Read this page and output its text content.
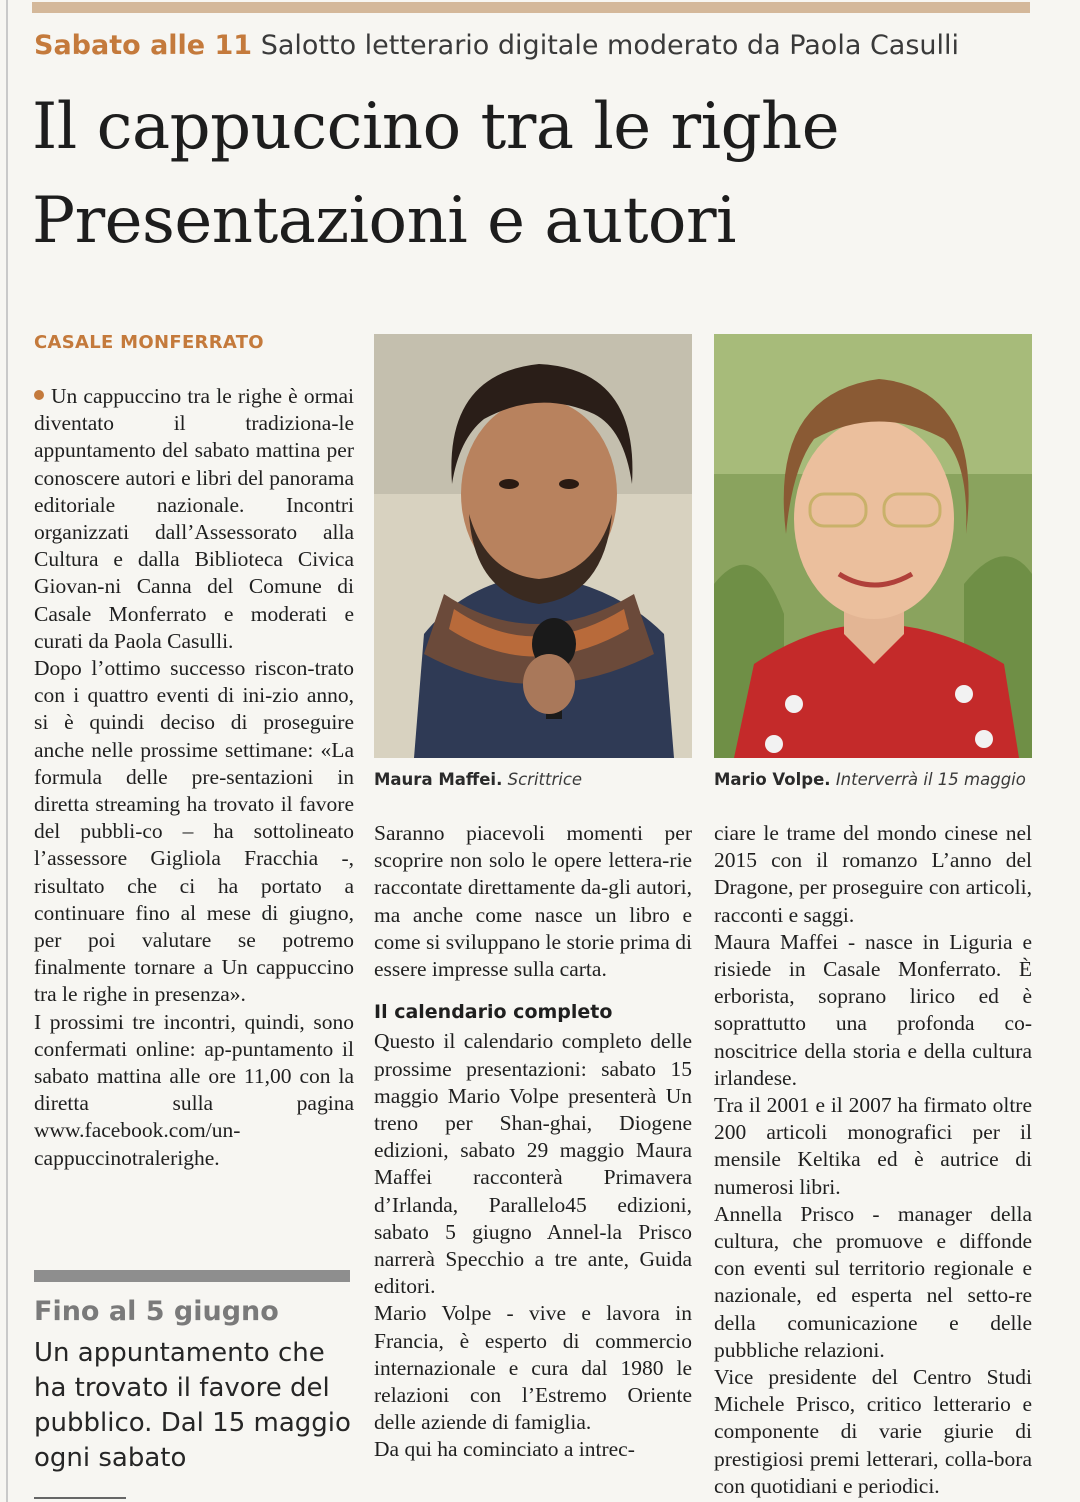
Sabato alle 11 Salotto letterario digitale moderato da Paola Casulli
Il cappuccino tra le righe
Presentazioni e autori
CASALE MONFERRATO

Un cappuccino tra le righe è ormai diventato il tradiziona-le appuntamento del sabato mattina per conoscere autori e libri del panorama editoriale nazionale. Incontri organizzati dall’Assessorato alla Cultura e dalla Biblioteca Civica Giovan-ni Canna del Comune di Casale Monferrato e moderati e curati da Paola Casulli.

Dopo l’ottimo successo riscon-trato con i quattro eventi di ini-zio anno, si è quindi deciso di proseguire anche nelle prossime settimane: «La formula delle pre-sentazioni in diretta streaming ha trovato il favore del pubbli-co – ha sottolineato l’assessore Gigliola Fracchia -, risultato che ci ha portato a continuare fino al mese di giugno, per poi valutare se potremo finalmente tornare a Un cappuccino tra le righe in presenza».

I prossimi tre incontri, quindi, sono confermati online: ap-puntamento il sabato mattina alle ore 11,00 con la diretta sulla pagina www.facebook.com/un-cappuccinotralerighe.

Maura Maffei. Scrittrice	Mario Volpe. Interverrà il 15 maggio

Saranno piacevoli momenti per scoprire non solo le opere lettera-rie raccontate direttamente da-gli autori, ma anche come nasce un libro e come si sviluppano le storie prima di essere impresse sulla carta.

Il calendario completo

Questo il calendario completo delle prossime presentazioni: sabato 15 maggio Mario Volpe presenterà Un treno per Shan-ghai, Diogene edizioni, sabato 29 maggio Maura Maffei racconterà Primavera d’Irlanda, Parallelo45 edizioni, sabato 5 giugno Annel-la Prisco narrerà Specchio a tre ante, Guida editori.

Mario Volpe - vive e lavora in Francia, è esperto di commercio internazionale e cura dal 1980 le relazioni con l’Estremo Oriente delle aziende di famiglia.

Da qui ha cominciato a intrec-

ciare le trame del mondo cinese nel 2015 con il romanzo L’anno del Dragone, per proseguire con articoli, racconti e saggi.

Maura Maffei - nasce in Liguria e risiede in Casale Monferrato. È erborista, soprano lirico ed è soprattutto una profonda co-noscitrice della storia e della cultura irlandese.

Tra il 2001 e il 2007 ha firmato oltre 200 articoli monografici per il mensile Keltika ed è autrice di numerosi libri.

Annella Prisco - manager della cultura, che promuove e diffonde con eventi sul territorio regionale e nazionale, ed esperta nel setto-re della comunicazione e delle pubbliche relazioni.

Vice presidente del Centro Studi Michele Prisco, critico letterario e componente di varie giurie di prestigiosi premi letterari, colla-bora con quotidiani e periodici.

Fino al 5 giugno
Un appuntamento che ha trovato il favore del pubblico. Dal 15 maggio ogni sabato
